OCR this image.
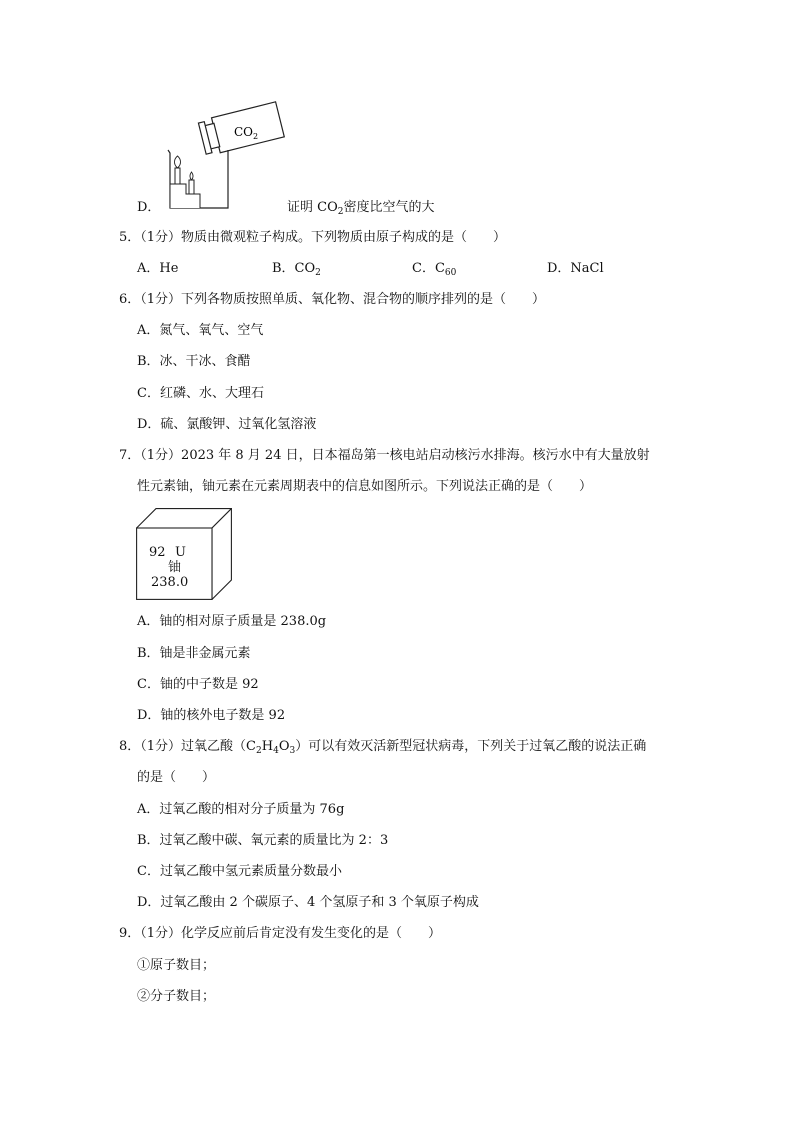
$CO_2$
D．	证明 $CO_2$密度比空气的大
5．（1分）物质由微观粒子构成。下列物质由原子构成的是（　　）
A．He	B．$CO_2$	C．$C_{60}$	D．NaCl
6．（1分）下列各物质按照单质、氧化物、混合物的顺序排列的是（　　）
A．氮气、氧气、空气
B．冰、干冰、食醋
C．红磷、水、大理石
D．硫、氯酸钾、过氧化氢溶液
7．（1分）2023 年 8 月 24 日，日本福岛第一核电站启动核污水排海。核污水中有大量放射
性元素铀，铀元素在元素周期表中的信息如图所示。下列说法正确的是（　　）
92 U
铀
238.0
A．铀的相对原子质量是 238.0g
B．铀是非金属元素
C．铀的中子数是 92
D．铀的核外电子数是 92
8．（1分）过氧乙酸$(C_2H_4O_3)$可以有效灭活新型冠状病毒，下列关于过氧乙酸的说法正确
的是（　　）
A．过氧乙酸的相对分子质量为 76g
B．过氧乙酸中碳、氧元素的质量比为 2：3
C．过氧乙酸中氢元素质量分数最小
D．过氧乙酸由 2 个碳原子、4 个氢原子和 3 个氧原子构成
9．（1分）化学反应前后肯定没有发生变化的是（　　）
①原子数目；
②分子数目；
